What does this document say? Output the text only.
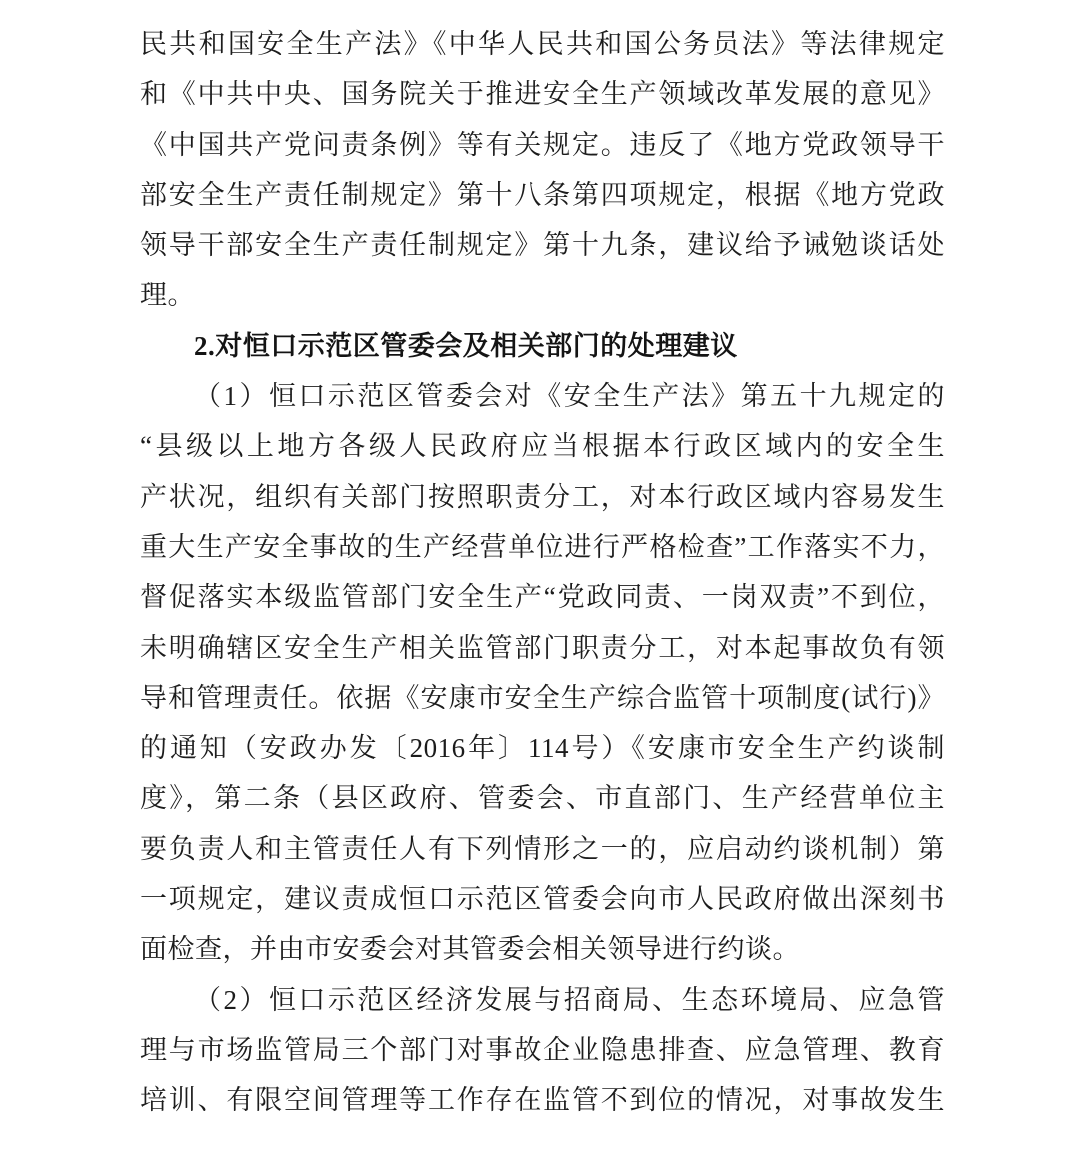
民共和国安全生产法》《中华人民共和国公务员法》等法律规定
和《中共中央、国务院关于推进安全生产领域改革发展的意见》
《中国共产党问责条例》等有关规定。违反了《地方党政领导干
部安全生产责任制规定》第十八条第四项规定，根据《地方党政
领导干部安全生产责任制规定》第十九条，建议给予诫勉谈话处
理。
2.对恒口示范区管委会及相关部门的处理建议
（1）恒口示范区管委会对《安全生产法》第五十九规定的
“县级以上地方各级人民政府应当根据本行政区域内的安全生
产状况，组织有关部门按照职责分工，对本行政区域内容易发生
重大生产安全事故的生产经营单位进行严格检查”工作落实不力，
督促落实本级监管部门安全生产“党政同责、一岗双责”不到位，
未明确辖区安全生产相关监管部门职责分工，对本起事故负有领
导和管理责任。依据《安康市安全生产综合监管十项制度(试行)》
的通知（安政办发〔2016年〕114号）《安康市安全生产约谈制
度》，第二条（县区政府、管委会、市直部门、生产经营单位主
要负责人和主管责任人有下列情形之一的，应启动约谈机制）第
一项规定，建议责成恒口示范区管委会向市人民政府做出深刻书
面检查，并由市安委会对其管委会相关领导进行约谈。
（2）恒口示范区经济发展与招商局、生态环境局、应急管
理与市场监管局三个部门对事故企业隐患排查、应急管理、教育
培训、有限空间管理等工作存在监管不到位的情况，对事故发生
